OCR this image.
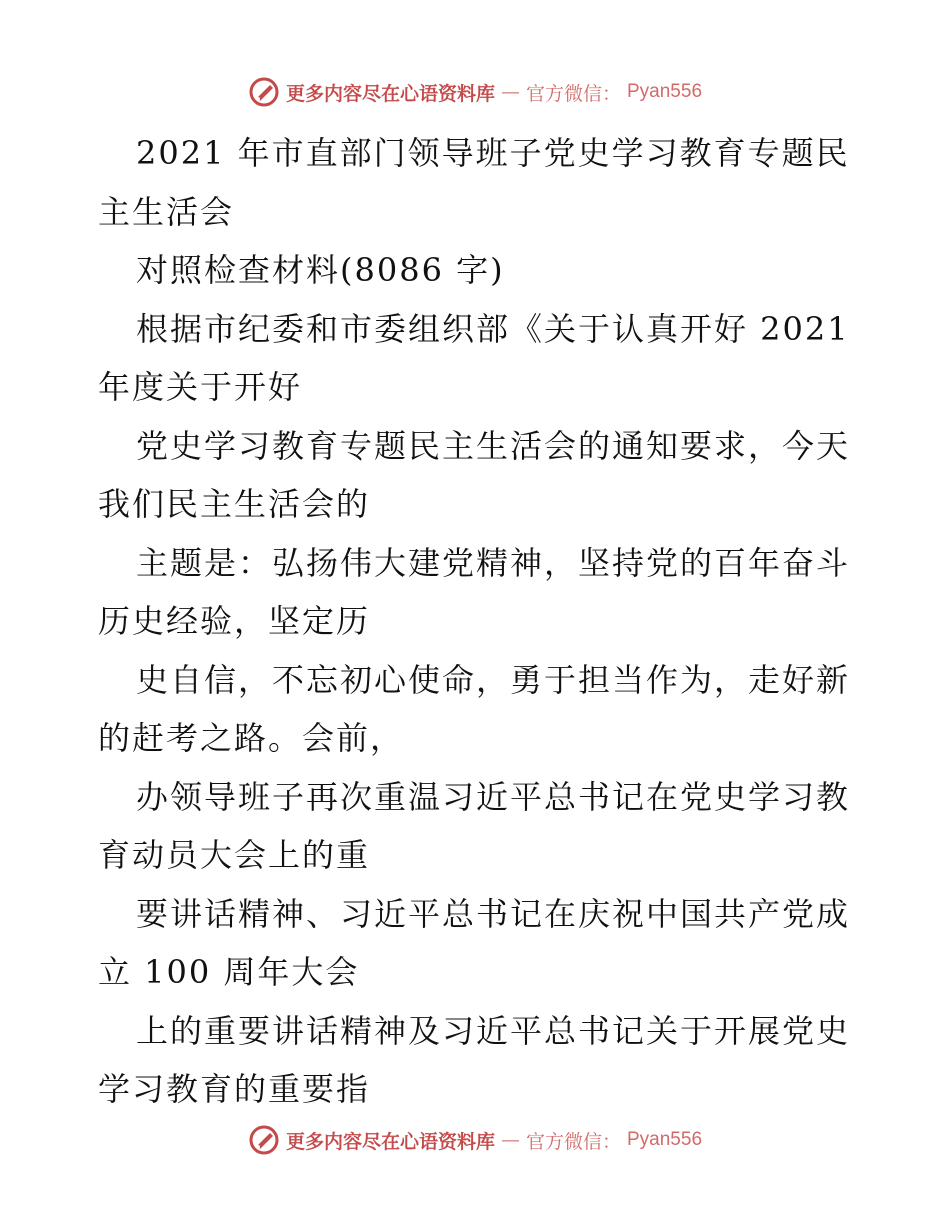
更多内容尽在心语资料库 — 官方微信： Pyan556
2021 年市直部门领导班子党史学习教育专题民
主生活会
对照检查材料(8086 字)
根据市纪委和市委组织部《关于认真开好 2021
年度关于开好
党史学习教育专题民主生活会的通知要求，今天
我们民主生活会的
主题是：弘扬伟大建党精神，坚持党的百年奋斗
历史经验，坚定历
史自信，不忘初心使命，勇于担当作为，走好新
的赶考之路。会前，
办领导班子再次重温习近平总书记在党史学习教
育动员大会上的重
要讲话精神、习近平总书记在庆祝中国共产党成
立 100 周年大会
上的重要讲话精神及习近平总书记关于开展党史
学习教育的重要指
更多内容尽在心语资料库 — 官方微信： Pyan556
